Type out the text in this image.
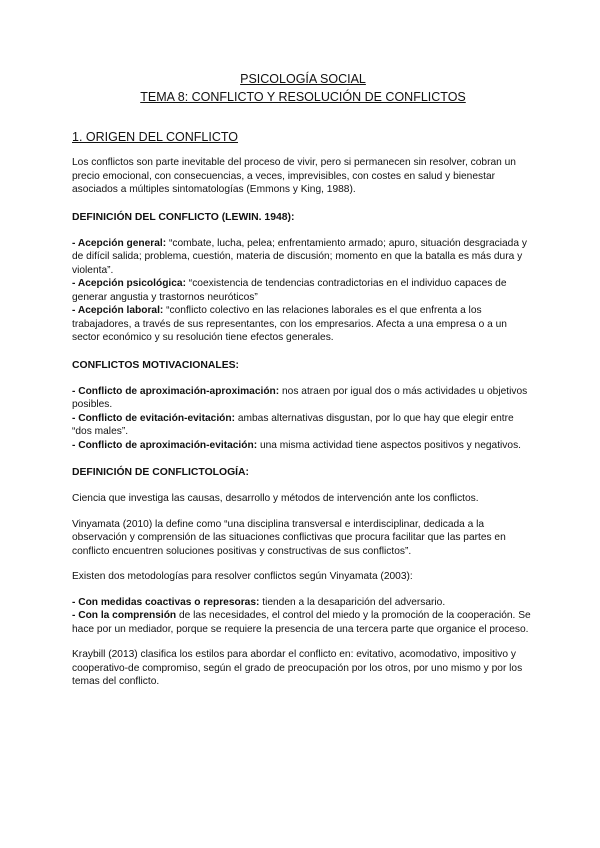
PSICOLOGÍA SOCIAL
TEMA 8: CONFLICTO Y RESOLUCIÓN DE CONFLICTOS
1. ORIGEN DEL CONFLICTO

Los conflictos son parte inevitable del proceso de vivir, pero si permanecen sin resolver, cobran un precio emocional, con consecuencias, a veces, imprevisibles, con costes en salud y bienestar asociados a múltiples sintomatologías (Emmons y King, 1988).

DEFINICIÓN DEL CONFLICTO (LEWIN. 1948):

- Acepción general: “combate, lucha, pelea; enfrentamiento armado; apuro, situación desgraciada y de difícil salida; problema, cuestión, materia de discusión; momento en que la batalla es más dura y violenta”.

- Acepción psicológica: “coexistencia de tendencias contradictorias en el individuo capaces de generar angustia y trastornos neuróticos”

- Acepción laboral: “conflicto colectivo en las relaciones laborales es el que enfrenta a los trabajadores, a través de sus representantes, con los empresarios. Afecta a una empresa o a un sector económico y su resolución tiene efectos generales.

CONFLICTOS MOTIVACIONALES:

- Conflicto de aproximación-aproximación: nos atraen por igual dos o más actividades u objetivos posibles.

- Conflicto de evitación-evitación: ambas alternativas disgustan, por lo que hay que elegir entre “dos males”.

- Conflicto de aproximación-evitación: una misma actividad tiene aspectos positivos y negativos.

DEFINICIÓN DE CONFLICTOLOGÍA:

Ciencia que investiga las causas, desarrollo y métodos de intervención ante los conflictos.

Vinyamata (2010) la define como “una disciplina transversal e interdisciplinar, dedicada a la observación y comprensión de las situaciones conflictivas que procura facilitar que las partes en conflicto encuentren soluciones positivas y constructivas de sus conflictos”.

Existen dos metodologías para resolver conflictos según Vinyamata (2003):

- Con medidas coactivas o represoras: tienden a la desaparición del adversario.

- Con la comprensión de las necesidades, el control del miedo y la promoción de la cooperación. Se hace por un mediador, porque se requiere la presencia de una tercera parte que organice el proceso.

Kraybill (2013) clasifica los estilos para abordar el conflicto en: evitativo, acomodativo, impositivo y cooperativo-de compromiso, según el grado de preocupación por los otros, por uno mismo y por los temas del conflicto.
